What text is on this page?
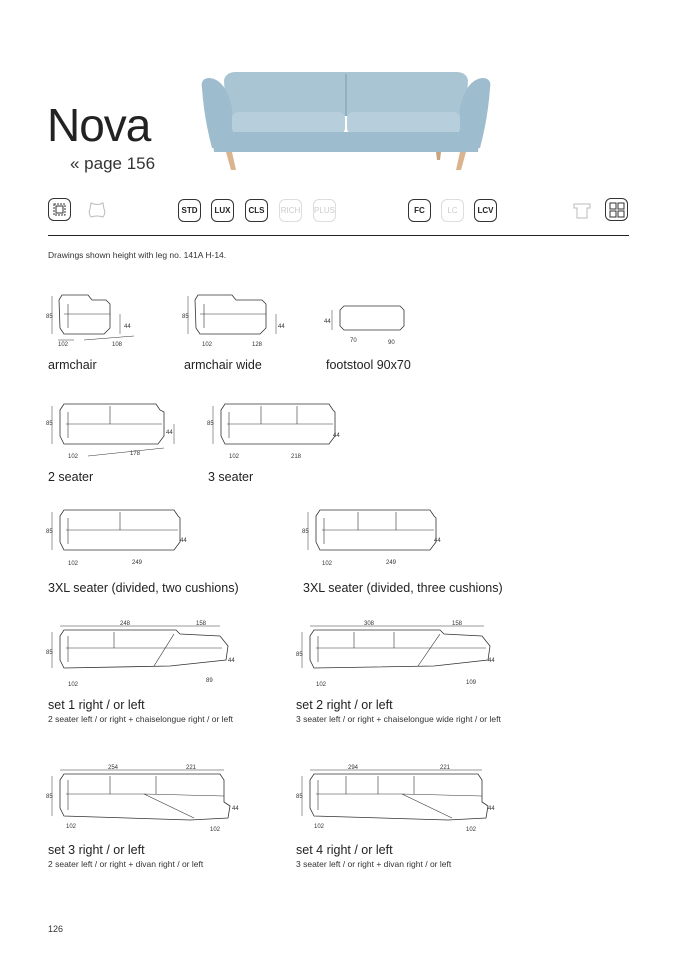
Nova
« page 156
STD	LUX	CLS	RICH PLUS	FC	LC	LCV
Drawings shown height with leg no. 141A H-14.
85
44
102	108
armchair
85
44
102	128
armchair wide
44
70	90
footstool 90x70
85
44
102	178
2 seater
85
44
102	218
3 seater
85
44
102	249
3XL seater (divided, two cushions)
85
44
102	249
3XL seater (divided, three cushions)
248	158
85
44
102
89
set 1 right / or left
2 seater left / or right + chaiselongue right / or left
308	158
85
44
102	109
set 2 right / or left
3 seater left / or right + chaiselongue wide right / or left
254	221
85
44
102	102
set 3 right / or left
2 seater left / or right + divan right / or left
294	221
85
44
102	102
set 4 right / or left
3 seater left / or right + divan right / or left
126
